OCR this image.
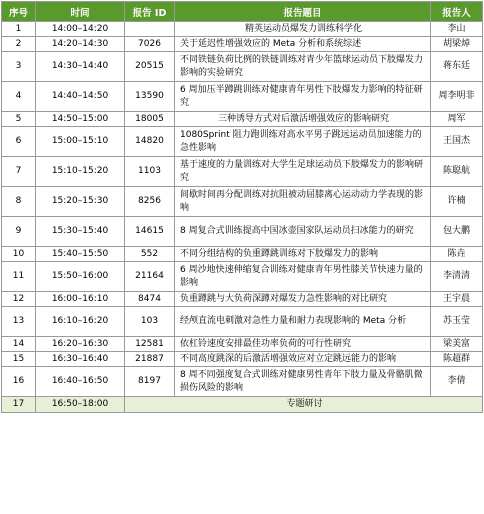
序号	时间	报告 ID	报告题目	报告人
1	14:00–14:20		精英运动员爆发力训练科学化	李山
2	14:20–14:30	7026	关于延迟性增强效应的 Meta 分析和系统综述	胡梁焯
3	14:30–14:40	20515	不同铁链负荷比例的铁链训练对青少年篮球运动员下肢爆发力影响的实验研究	蒋东廷
4	14:40–14:50	13590	6 周加压半蹲跳训练对健康青年男性下肢爆发力影响的特征研究	周李明非
5	14:50–15:00	18005	三种诱导方式对后激活增强效应的影响研究	周军
6	15:00–15:10	14820	1080Sprint 阻力跑训练对高水平男子跳远运动员加速能力的急性影响	王国杰
7	15:10–15:20	1103	基于速度的力量训练对大学生足球运动员下肢爆发力的影响研究	陈聪航
8	15:20–15:30	8256	间歇时间再分配训练对抗阻被动屈膝离心运动动力学表现的影响	许楠
9	15:30–15:40	14615	8 周复合式训练提高中国冰壶国家队运动员扫冰能力的研究	包大鹏
10	15:40–15:50	552	不同分组结构的负重蹲跳训练对下肢爆发力的影响	陈垚
11	15:50–16:00	21164	6 周沙地快速伸缩复合训练对健康青年男性膝关节快速力量的影响	李清清
12	16:00–16:10	8474	负重蹲跳与大负荷深蹲对爆发力急性影响的对比研究	王宇晨
13	16:10–16:20	103	经颅直流电刺激对急性力量和耐力表现影响的 Meta 分析	苏玉莹
14	16:20–16:30	12581	依杠铃速度安排最佳功率负荷的可行性研究	梁美富
15	16:30–16:40	21887	不同高度跳深的后激活增强效应对立定跳远能力的影响	陈超群
16	16:40–16:50	8197	8 周不同强度复合式训练对健康男性青年下肢力量及骨骼肌微损伤风险的影响	李倩
17	16:50–18:00	专题研讨		
